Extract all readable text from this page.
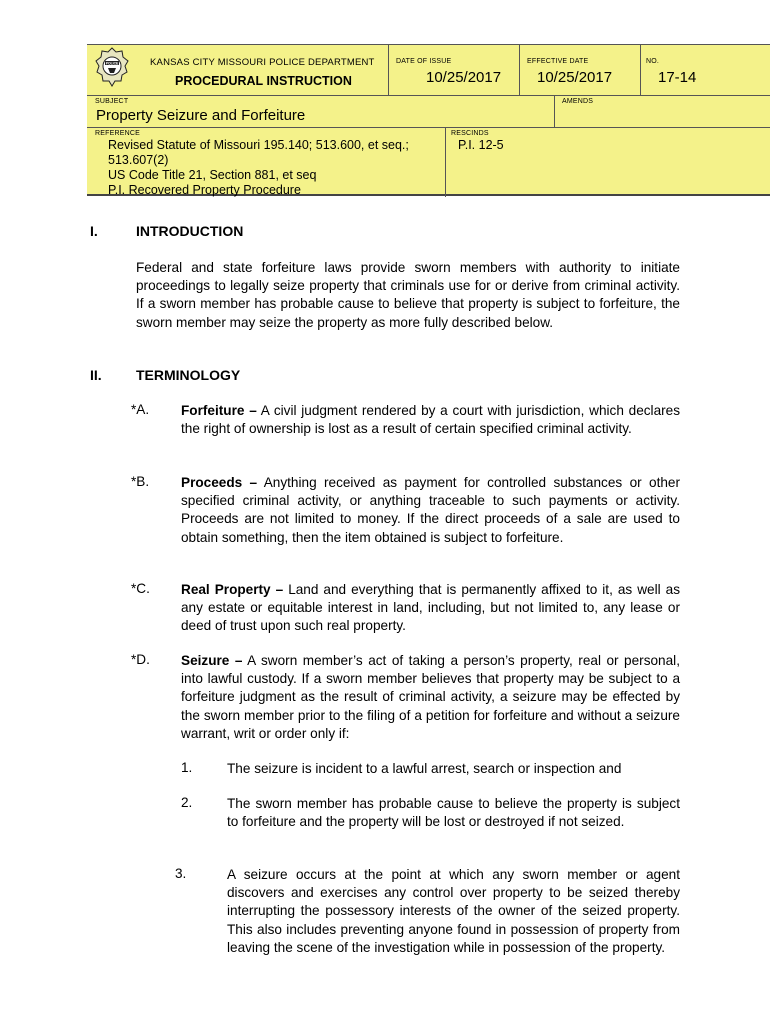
POLICE	KANSAS CITY MISSOURI POLICE DEPARTMENT
PROCEDURAL INSTRUCTION
DATE OF ISSUE
10/25/2017
EFFECTIVE DATE
10/25/2017
NO.
17-14
SUBJECT
Property Seizure and Forfeiture
AMENDS
REFERENCE
Revised Statute of Missouri 195.140; 513.600, et seq.;
513.607(2)
US Code Title 21, Section 881, et seq
P.I. Recovered Property Procedure
RESCINDS
P.I. 12-5
I.	INTRODUCTION

Federal and state forfeiture laws provide sworn members with authority to initiate proceedings to legally seize property that criminals use for or derive from criminal activity. If a sworn member has probable cause to believe that property is subject to forfeiture, the sworn member may seize the property as more fully described below.

II. TERMINOLOGY
*A. Forfeiture – A civil judgment rendered by a court with jurisdiction, which declares the right of ownership is lost as a result of certain specified criminal activity.

*B. Proceeds – Anything received as payment for controlled substances or other specified criminal activity, or anything traceable to such payments or activity. Proceeds are not limited to money. If the direct proceeds of a sale are used to obtain something, then the item obtained is subject to forfeiture.

*C. Real Property – Land and everything that is permanently affixed to it, as well as any estate or equitable interest in land, including, but not limited to, any lease or deed of trust upon such real property.

*D. Seizure – A sworn member’s act of taking a person’s property, real or personal, into lawful custody. If a sworn member believes that property may be subject to a forfeiture judgment as the result of criminal activity, a seizure may be effected by the sworn member prior to the filing of a petition for forfeiture and without a seizure warrant, writ or order only if:

1.	The seizure is incident to a lawful arrest, search or inspection and

2.	The sworn member has probable cause to believe the property is subject to forfeiture and the property will be lost or destroyed if not seized.

3.	A seizure occurs at the point at which any sworn member or agent discovers and exercises any control over property to be seized thereby interrupting the possessory interests of the owner of the seized property. This also includes preventing anyone found in possession of property from leaving the scene of the investigation while in possession of the property.
